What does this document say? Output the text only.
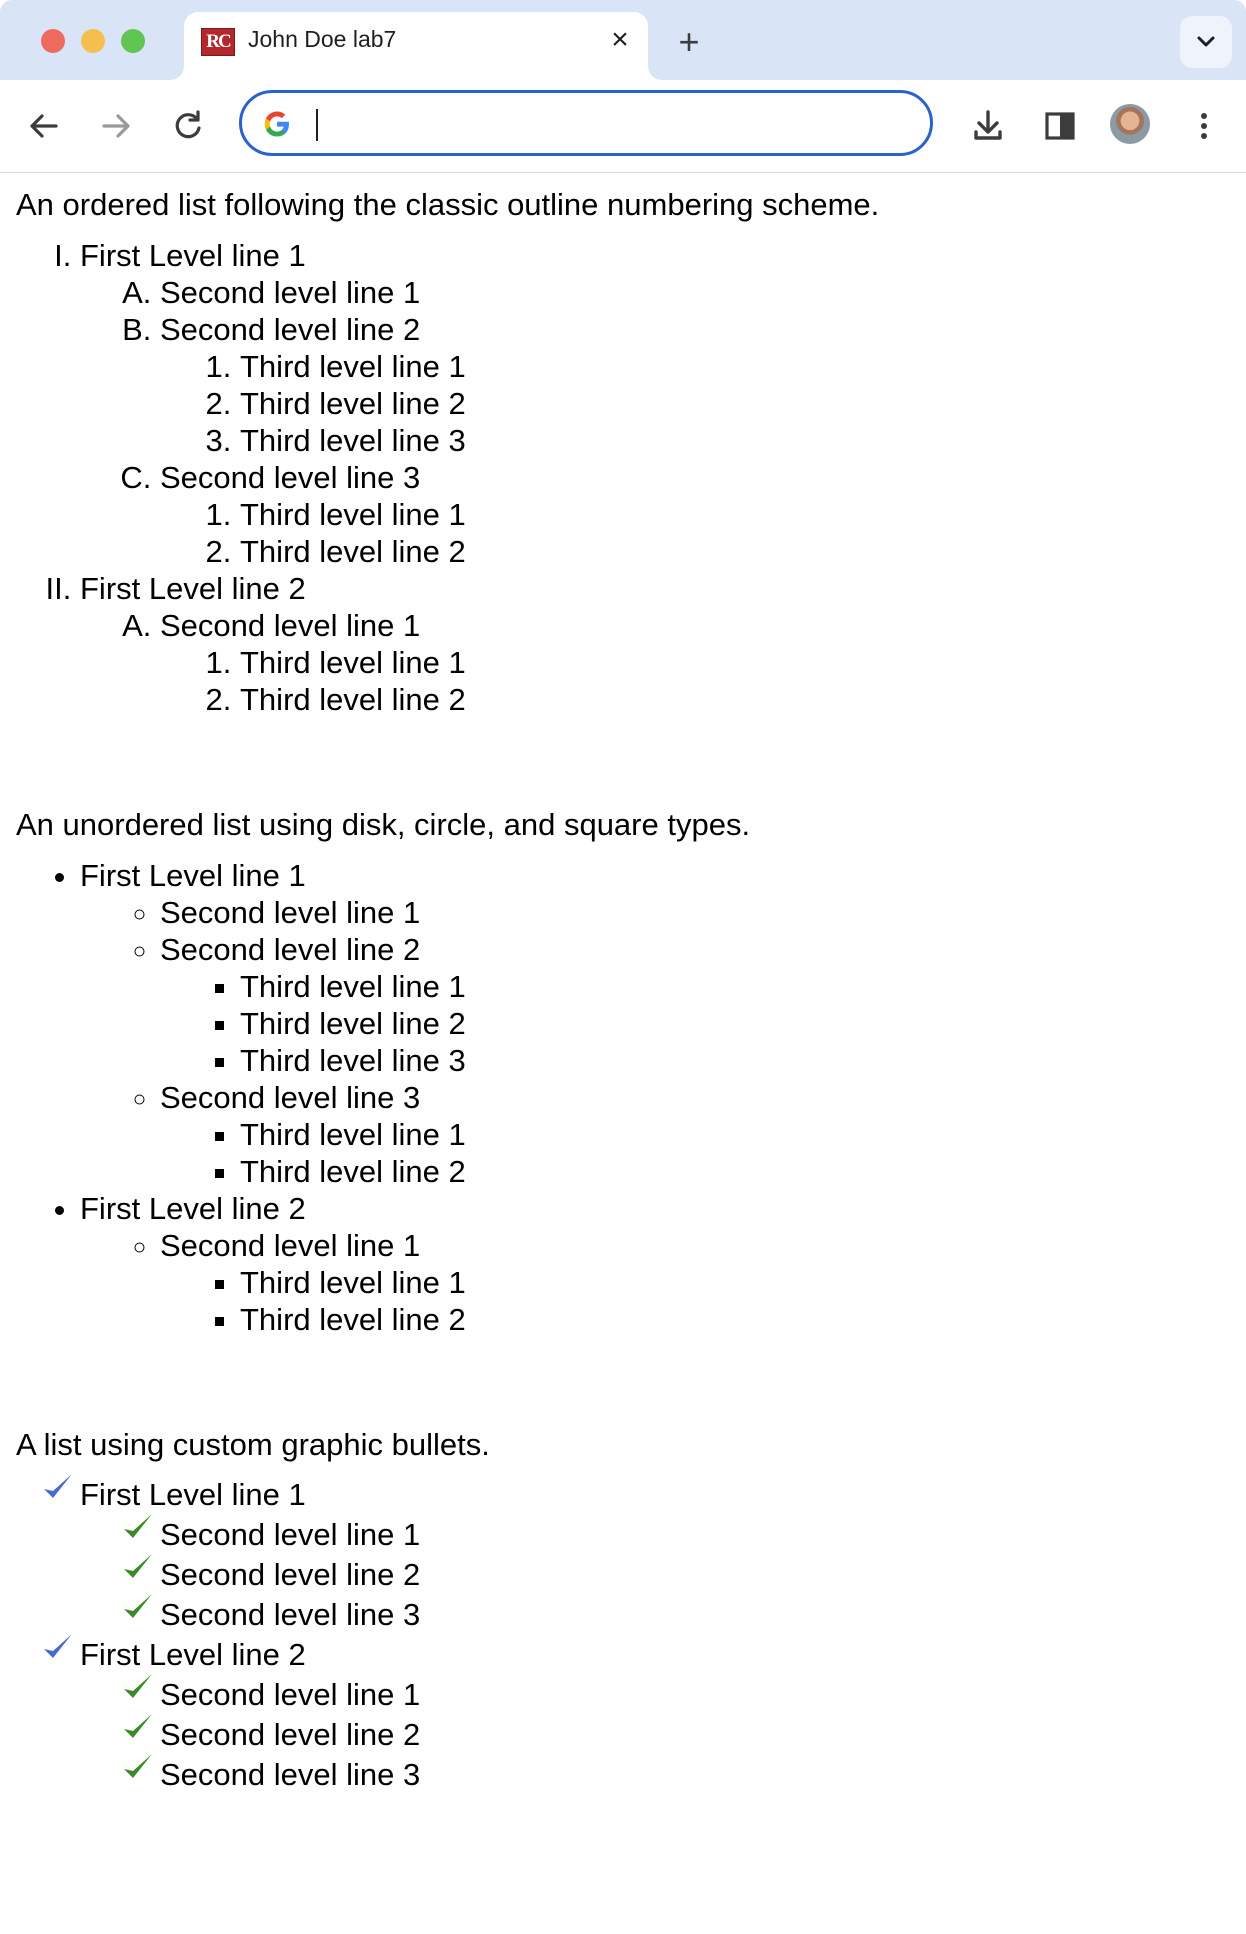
RC John Doe lab7	× +
An ordered list following the classic outline numbering scheme.
I. First Level line 1
A. Second level line 1
B. Second level line 2
1. Third level line 1
2. Third level line 2
3. Third level line 3
C. Second level line 3
1. Third level line 1
2. Third level line 2
II. First Level line 2
A. Second level line 1
1. Third level line 1
2. Third level line 2
An unordered list using disk, circle, and square types.
• First Level line 1
◦ Second level line 1
◦ Second level line 2
▪ Third level line 1
▪ Third level line 2
▪ Third level line 3
◦ Second level line 3
▪ Third level line 1
▪ Third level line 2
• First Level line 2
◦ Second level line 1
▪ Third level line 1
▪ Third level line 2
A list using custom graphic bullets.
First Level line 1
Second level line 1
Second level line 2
Second level line 3
First Level line 2
Second level line 1
Second level line 2
Second level line 3
